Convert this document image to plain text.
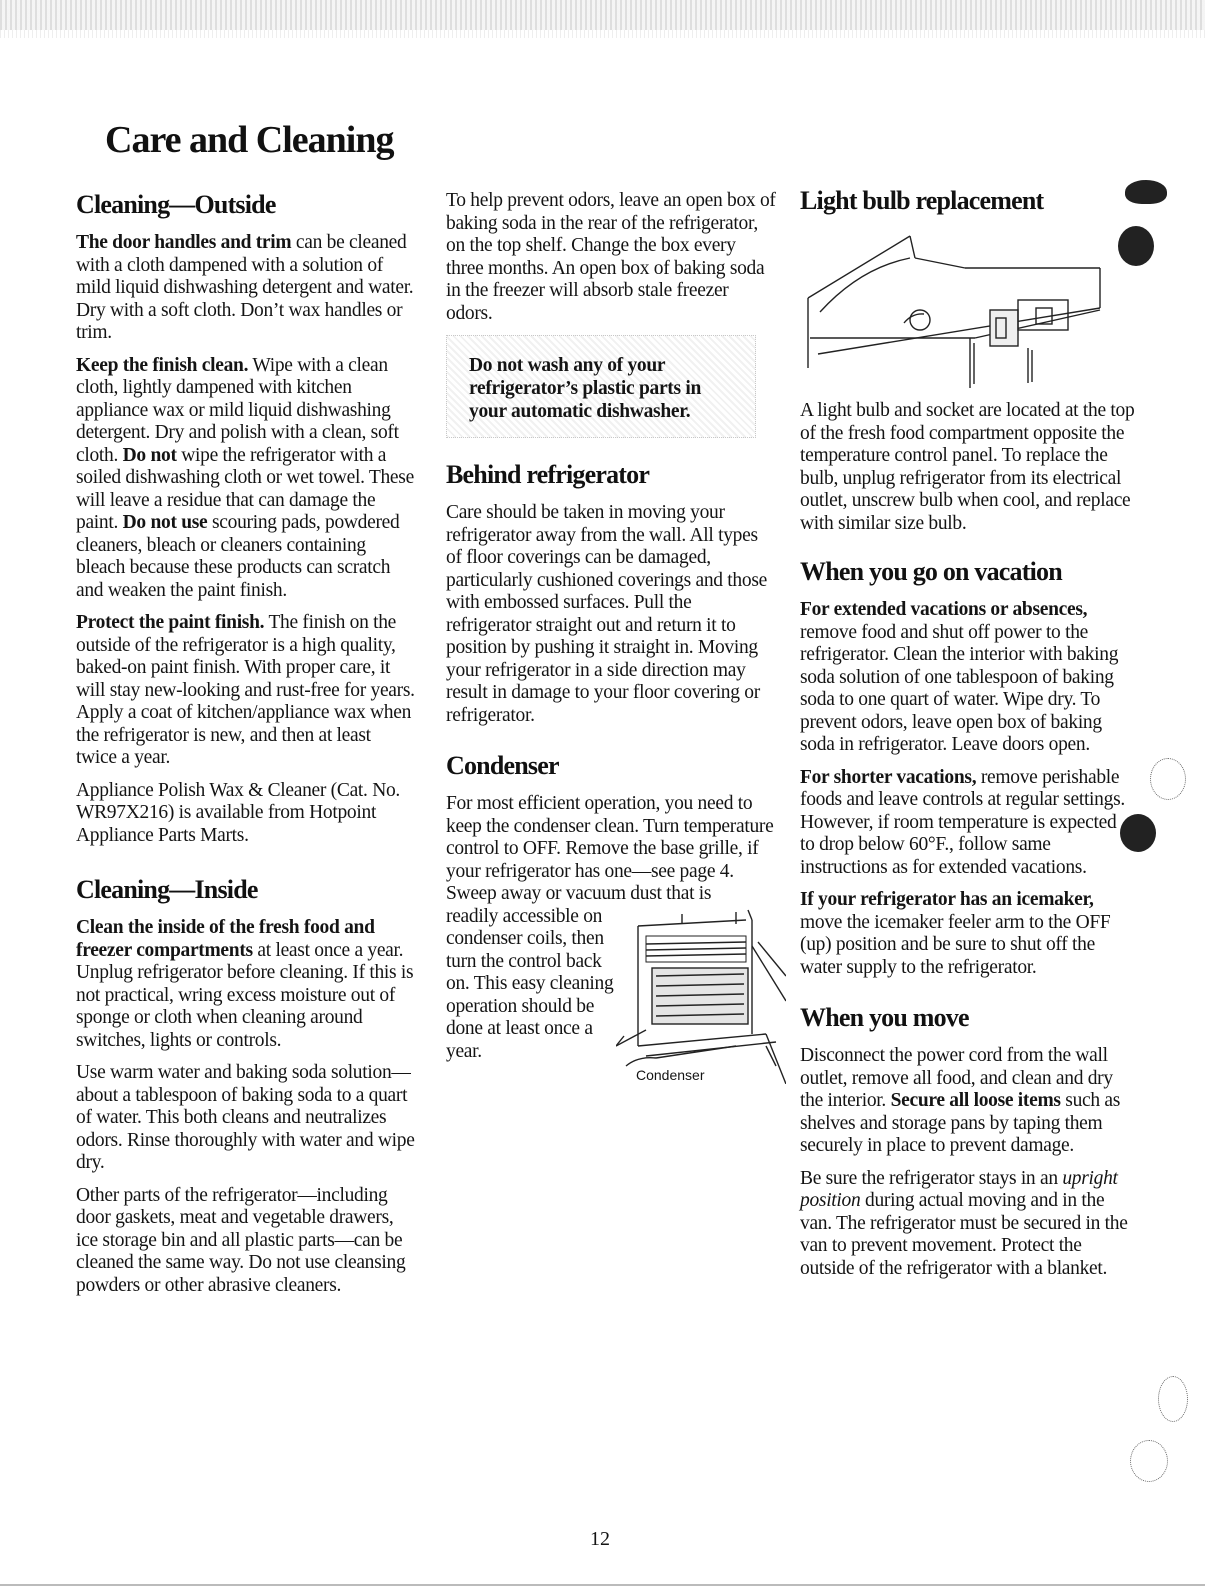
Care and Cleaning
Cleaning—Outside

The door handles and trim can be cleaned with a cloth dampened with a solution of mild liquid dishwashing detergent and water. Dry with a soft cloth. Don’t wax handles or trim.

Keep the finish clean. Wipe with a clean cloth, lightly dampened with kitchen appliance wax or mild liquid dishwashing detergent. Dry and polish with a clean, soft cloth. Do not wipe the refrigerator with a soiled dishwashing cloth or wet towel. These will leave a residue that can damage the paint. Do not use scouring pads, powdered cleaners, bleach or cleaners containing bleach because these products can scratch and weaken the paint finish.

Protect the paint finish. The finish on the outside of the refrigerator is a high quality, baked-on paint finish. With proper care, it will stay new-looking and rust-free for years. Apply a coat of kitchen/appliance wax when the refrigerator is new, and then at least twice a year.

Appliance Polish Wax & Cleaner (Cat. No. WR97X216) is available from Hotpoint Appliance Parts Marts.

Cleaning—Inside

Clean the inside of the fresh food and freezer compartments at least once a year. Unplug refrigerator before cleaning. If this is not practical, wring excess moisture out of sponge or cloth when cleaning around switches, lights or controls.

Use warm water and baking soda solution—about a tablespoon of baking soda to a quart of water. This both cleans and neutralizes odors. Rinse thoroughly with water and wipe dry.

Other parts of the refrigerator—including door gaskets, meat and vegetable drawers, ice storage bin and all plastic parts—can be cleaned the same way. Do not use cleansing powders or other abrasive cleaners.

To help prevent odors, leave an open box of baking soda in the rear of the refrigerator, on the top shelf. Change the box every three months. An open box of baking soda in the freezer will absorb stale freezer odors.

Do not wash any of your refrigerator’s plastic parts in your automatic dishwasher.
Behind refrigerator

Care should be taken in moving your refrigerator away from the wall. All types of floor coverings can be damaged, particularly cushioned coverings and those with embossed surfaces. Pull the refrigerator straight out and return it to position by pushing it straight in. Moving your refrigerator in a side direction may result in damage to your floor covering or refrigerator.

Condenser

For most efficient operation, you need to keep the condenser clean. Turn temperature control to OFF. Remove the base grille, if your refrigerator has one—see page 4. Sweep away or vacuum dust that is

readily accessible on condenser coils, then turn the control back on. This easy cleaning operation should be done at least once a year.

Condenser
Light bulb replacement

A light bulb and socket are located at the top of the fresh food compartment opposite the temperature control panel. To replace the bulb, unplug refrigerator from its electrical outlet, unscrew bulb when cool, and replace with similar size bulb.

When you go on vacation

For extended vacations or absences, remove food and shut off power to the refrigerator. Clean the interior with baking soda solution of one tablespoon of baking soda to one quart of water. Wipe dry. To prevent odors, leave open box of baking soda in refrigerator. Leave doors open.

For shorter vacations, remove perishable foods and leave controls at regular settings. However, if room temperature is expected to drop below 60°F., follow same instructions as for extended vacations.

If your refrigerator has an icemaker, move the icemaker feeler arm to the OFF (up) position and be sure to shut off the water supply to the refrigerator.

When you move

Disconnect the power cord from the wall outlet, remove all food, and clean and dry the interior. Secure all loose items such as shelves and storage pans by taping them securely in place to prevent damage.

Be sure the refrigerator stays in an upright position during actual moving and in the van. The refrigerator must be secured in the van to prevent movement. Protect the outside of the refrigerator with a blanket.

12
